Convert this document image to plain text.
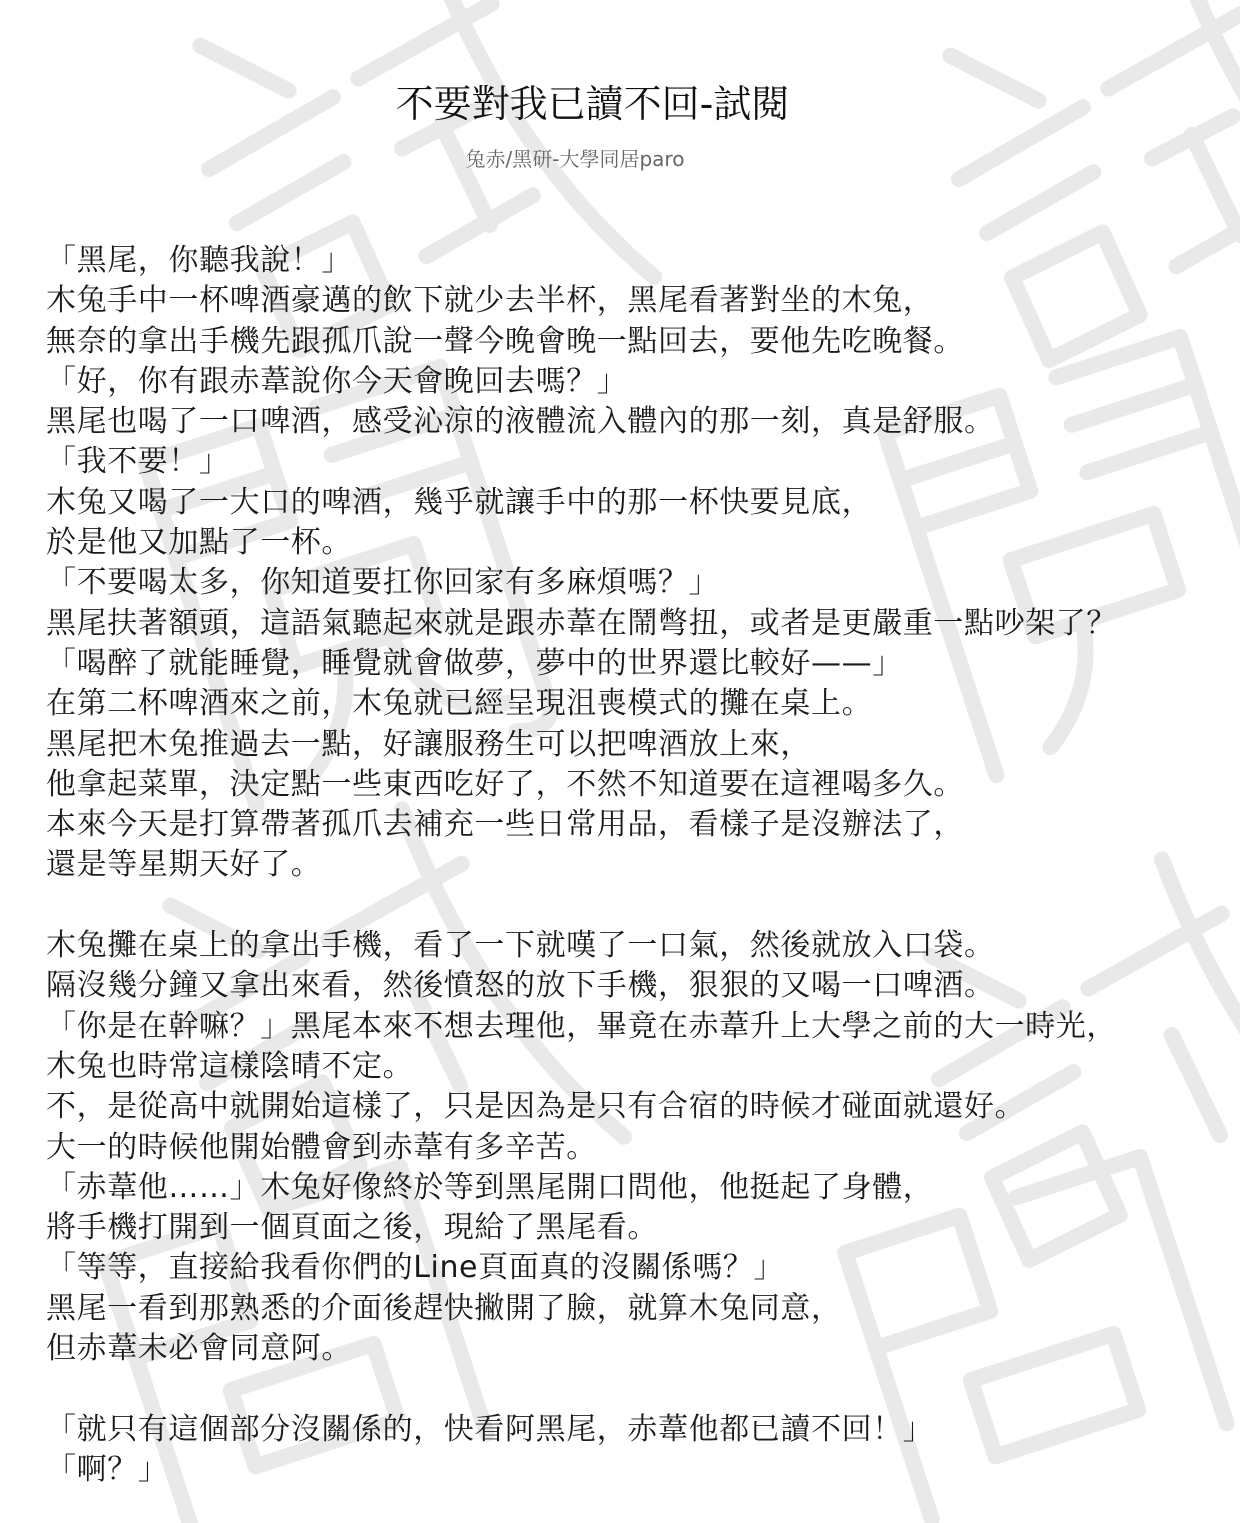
不要對我已讀不回-試閱

兔赤/黑研-大學同居paro

「黑尾，你聽我說！」
木兔手中一杯啤酒豪邁的飲下就少去半杯，黑尾看著對坐的木兔，
無奈的拿出手機先跟孤爪說一聲今晚會晚一點回去，要他先吃晚餐。
「好，你有跟赤葦說你今天會晚回去嗎？」
黑尾也喝了一口啤酒，感受沁涼的液體流入體內的那一刻，真是舒服。
「我不要！」
木兔又喝了一大口的啤酒，幾乎就讓手中的那一杯快要見底，
於是他又加點了一杯。
「不要喝太多，你知道要扛你回家有多麻煩嗎？」
黑尾扶著額頭，這語氣聽起來就是跟赤葦在鬧彆扭，或者是更嚴重一點吵架了？
「喝醉了就能睡覺，睡覺就會做夢，夢中的世界還比較好——」
在第二杯啤酒來之前，木兔就已經呈現沮喪模式的攤在桌上。
黑尾把木兔推過去一點，好讓服務生可以把啤酒放上來，
他拿起菜單，決定點一些東西吃好了，不然不知道要在這裡喝多久。
本來今天是打算帶著孤爪去補充一些日常用品，看樣子是沒辦法了，
還是等星期天好了。
木兔攤在桌上的拿出手機，看了一下就嘆了一口氣，然後就放入口袋。
隔沒幾分鐘又拿出來看，然後憤怒的放下手機，狠狠的又喝一口啤酒。
「你是在幹嘛？」黑尾本來不想去理他，畢竟在赤葦升上大學之前的大一時光，
木兔也時常這樣陰晴不定。
不，是從高中就開始這樣了，只是因為是只有合宿的時候才碰面就還好。
大一的時候他開始體會到赤葦有多辛苦。
「赤葦他……」木兔好像終於等到黑尾開口問他，他挺起了身體，
將手機打開到一個頁面之後，現給了黑尾看。
「等等，直接給我看你們的Line頁面真的沒關係嗎？」
黑尾一看到那熟悉的介面後趕快撇開了臉，就算木兔同意，
但赤葦未必會同意阿。
「就只有這個部分沒關係的，快看阿黑尾，赤葦他都已讀不回！」
「啊？」
